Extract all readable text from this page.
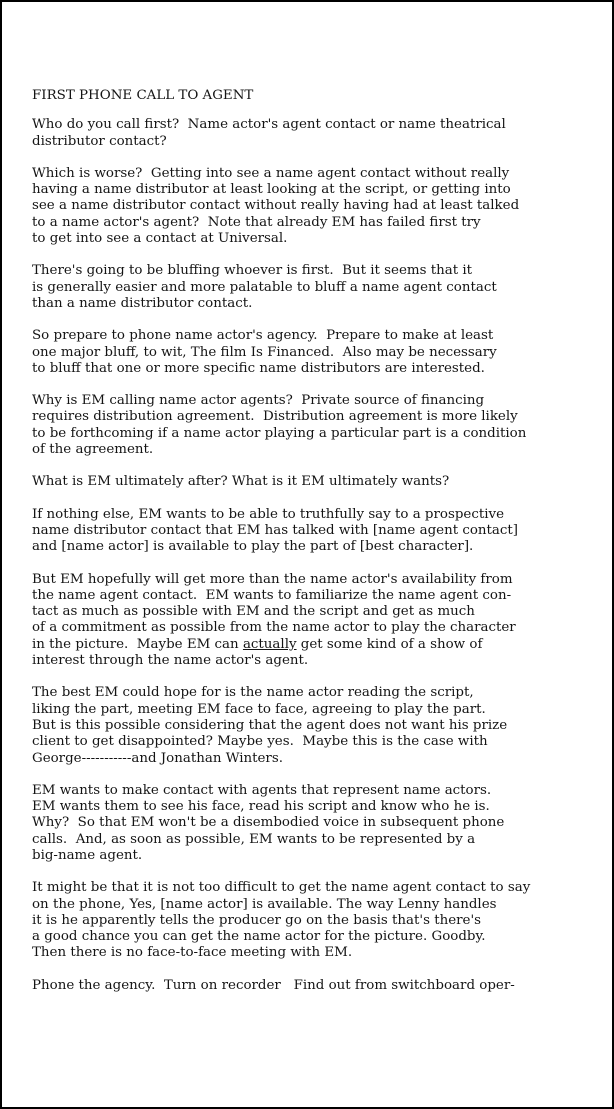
FIRST PHONE CALL TO AGENT
Who do you call first?  Name actor's agent contact or name theatrical
distributor contact?
Which is worse?  Getting into see a name agent contact without really
having a name distributor at least looking at the script, or getting into
see a name distributor contact without really having had at least talked
to a name actor's agent?  Note that already EM has failed first try
to get into see a contact at Universal.
There's going to be bluffing whoever is first.  But it seems that it
is generally easier and more palatable to bluff a name agent contact
than a name distributor contact.
So prepare to phone name actor's agency.  Prepare to make at least
one major bluff, to wit, The film Is Financed.  Also may be necessary
to bluff that one or more specific name distributors are interested.
Why is EM calling name actor agents?  Private source of financing
requires distribution agreement.  Distribution agreement is more likely
to be forthcoming if a name actor playing a particular part is a condition
of the agreement.
What is EM ultimately after? What is it EM ultimately wants?
If nothing else, EM wants to be able to truthfully say to a prospective
name distributor contact that EM has talked with [name agent contact]
and [name actor] is available to play the part of [best character].
But EM hopefully will get more than the name actor's availability from
the name agent contact.  EM wants to familiarize the name agent con-
tact as much as possible with EM and the script and get as much
of a commitment as possible from the name actor to play the character
in the picture.  Maybe EM can actually get some kind of a show of
interest through the name actor's agent.
The best EM could hope for is the name actor reading the script,
liking the part, meeting EM face to face, agreeing to play the part.
But is this possible considering that the agent does not want his prize
client to get disappointed? Maybe yes.  Maybe this is the case with
George-----------and Jonathan Winters.
EM wants to make contact with agents that represent name actors.
EM wants them to see his face, read his script and know who he is.
Why?  So that EM won't be a disembodied voice in subsequent phone
calls.  And, as soon as possible, EM wants to be represented by a
big-name agent.
It might be that it is not too difficult to get the name agent contact to say
on the phone, Yes, [name actor] is available. The way Lenny handles
it is he apparently tells the producer go on the basis that's there's
a good chance you can get the name actor for the picture. Goodby.
Then there is no face-to-face meeting with EM.
Phone the agency.  Turn on recorder   Find out from switchboard oper-
